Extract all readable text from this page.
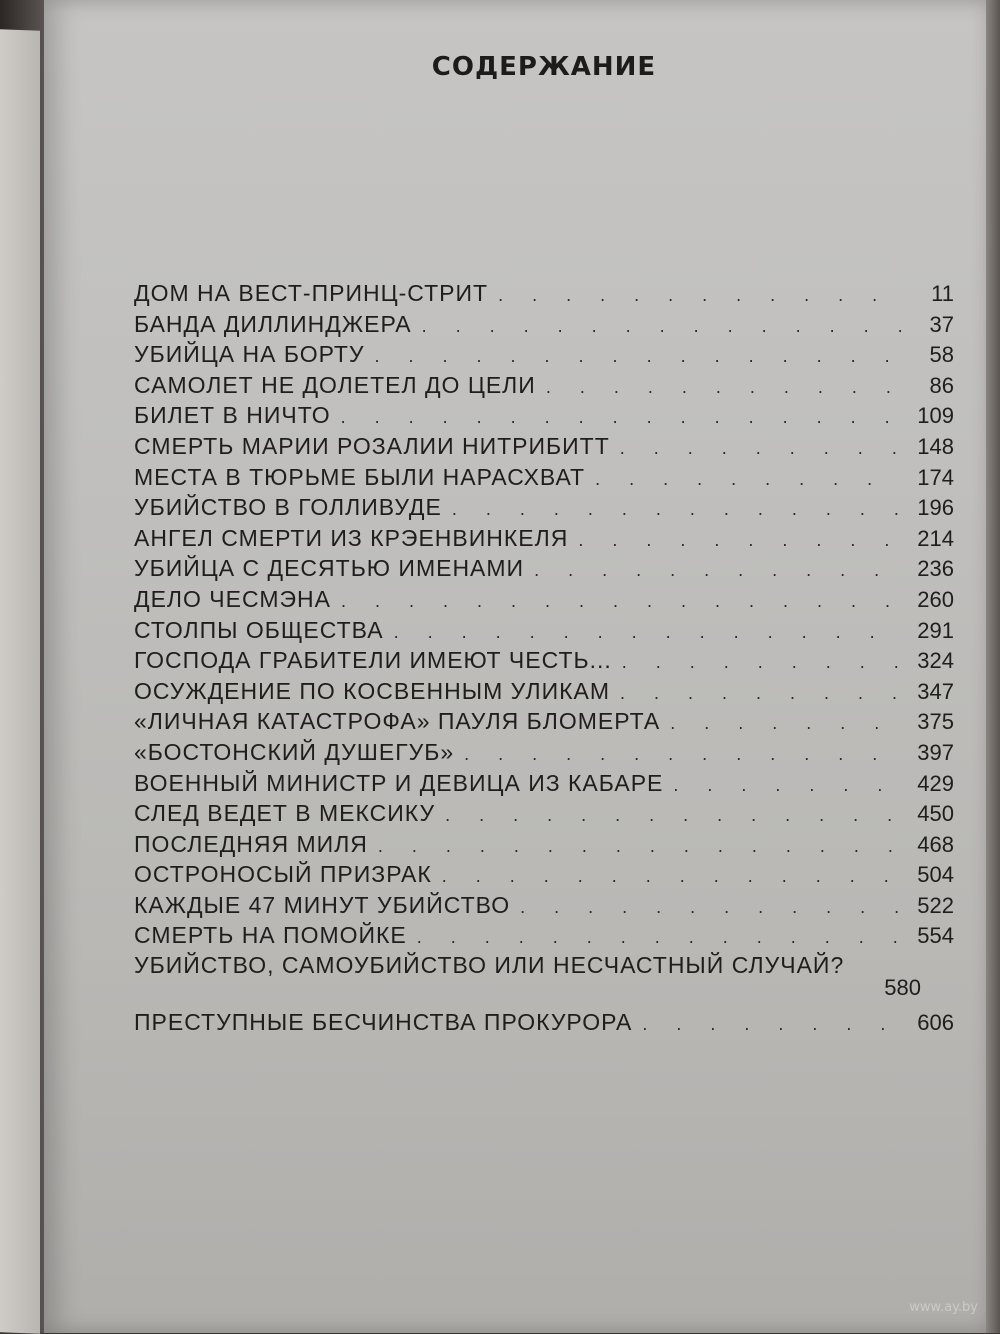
СОДЕРЖАНИЕ
ДОМ НА ВЕСТ-ПРИНЦ-СТРИТ . . .	11
БАНДА ДИЛЛИНДЖЕРА . . .	37
УБИЙЦА НА БОРТУ . . .	58
САМОЛЕТ НЕ ДОЛЕТЕЛ ДО ЦЕЛИ . . .	86
БИЛЕТ В НИЧТО . . .	109
СМЕРТЬ МАРИИ РОЗАЛИИ НИТРИБИТТ . . .	148
МЕСТА В ТЮРЬМЕ БЫЛИ НАРАСХВАТ . . .	174
УБИЙСТВО В ГОЛЛИВУДЕ . . .	196
АНГЕЛ СМЕРТИ ИЗ КРЭЕНВИНКЕЛЯ . . .	214
УБИЙЦА С ДЕСЯТЬЮ ИМЕНАМИ . . .	236
ДЕЛО ЧЕСМЭНА . . .	260
СТОЛПЫ ОБЩЕСТВА . . .	291
ГОСПОДА ГРАБИТЕЛИ ИМЕЮТ ЧЕСТЬ... . . .	324
ОСУЖДЕНИЕ ПО КОСВЕННЫМ УЛИКАМ . . .	347
«ЛИЧНАЯ КАТАСТРОФА» ПАУЛЯ БЛОМЕРТА . . .	375
«БОСТОНСКИЙ ДУШЕГУБ» . . .	397
ВОЕННЫЙ МИНИСТР И ДЕВИЦА ИЗ КАБАРЕ . . .	429
СЛЕД ВЕДЕТ В МЕКСИКУ . . .	450
ПОСЛЕДНЯЯ МИЛЯ . . .	468
ОСТРОНОСЫЙ ПРИЗРАК . . .	504
КАЖДЫЕ 47 МИНУТ УБИЙСТВО . . .	522
СМЕРТЬ НА ПОМОЙКЕ . . .	554
УБИЙСТВО, САМОУБИЙСТВО ИЛИ НЕСЧАСТНЫЙ СЛУЧАЙ?
580
ПРЕСТУПНЫЕ БЕСЧИНСТВА ПРОКУРОРА . . .	606
www.ay.by
